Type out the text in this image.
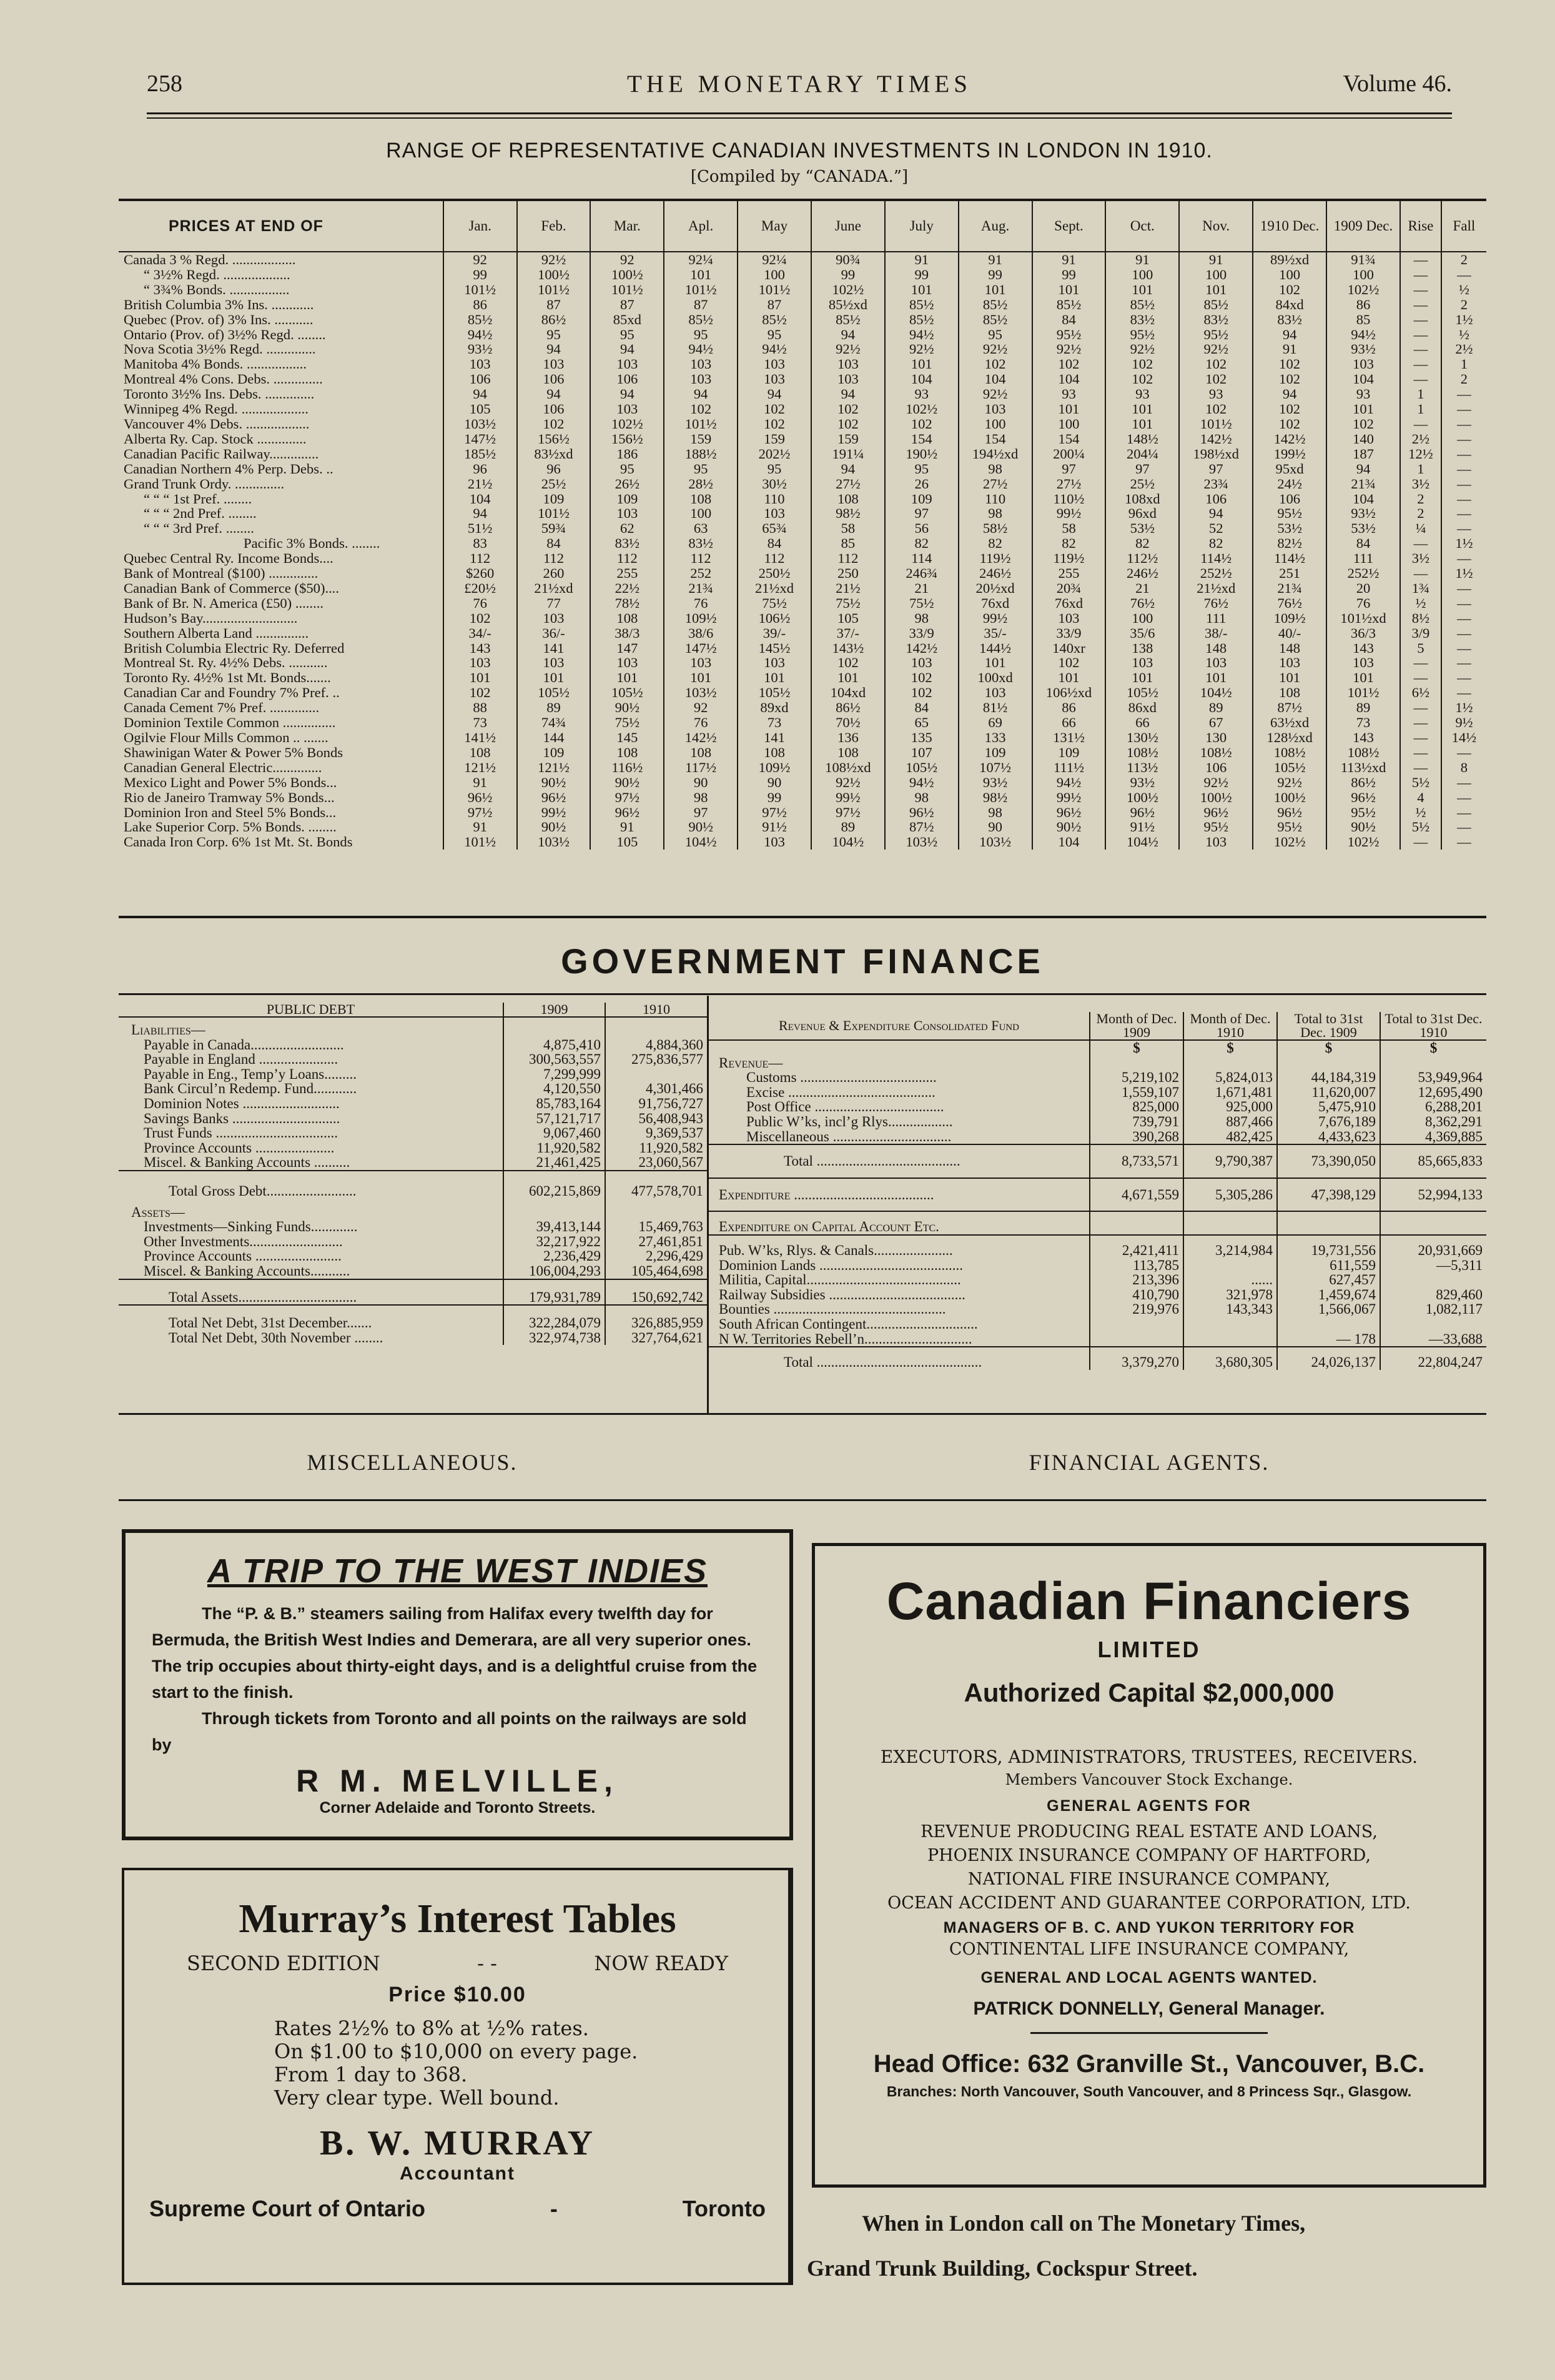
258	THE MONETARY TIMES	Volume 46.
RANGE OF REPRESENTATIVE CANADIAN INVESTMENTS IN LONDON IN 1910.
[Compiled by “CANADA.”]
PRICES AT END OF	Jan.	Feb.	Mar.	Apl.	May	June	July	Aug.	Sept.	Oct.	Nov.	1910 Dec.	1909 Dec.	Rise	Fall
Canada 3 % Regd. ..................	92	92½	92	92¼	92¼	90¾	91	91	91	91	91	89½xd	91¾	—	2
“ 3½% Regd. ...................	99	100½	100½	101	100	99	99	99	99	100	100	100	100	—	—
“ 3¾% Bonds. .................	101½	101½	101½	101½	101½	102½	101	101	101	101	101	102	102½	—	½
British Columbia 3% Ins. ............	86	87	87	87	87	85½xd	85½	85½	85½	85½	85½	84xd	86	—	2
Quebec (Prov. of) 3% Ins. ...........	85½	86½	85xd	85½	85½	85½	85½	85½	84	83½	83½	83½	85	—	1½
Ontario (Prov. of) 3½% Regd. ........	94½	95	95	95	95	94	94½	95	95½	95½	95½	94	94½	—	½
Nova Scotia 3½% Regd. ..............	93½	94	94	94½	94½	92½	92½	92½	92½	92½	92½	91	93½	—	2½
Manitoba 4% Bonds. .................	103	103	103	103	103	103	101	102	102	102	102	102	103	—	1
Montreal 4% Cons. Debs. ..............	106	106	106	103	103	103	104	104	104	102	102	102	104	—	2
Toronto 3½% Ins. Debs. ..............	94	94	94	94	94	94	93	92½	93	93	93	94	93	1	—
Winnipeg 4% Regd. ...................	105	106	103	102	102	102	102½	103	101	101	102	102	101	1	—
Vancouver 4% Debs. ..................	103½	102	102½	101½	102	102	102	100	100	101	101½	102	102	—	—
Alberta Ry. Cap. Stock ..............	147½	156½	156½	159	159	159	154	154	154	148½	142½	142½	140	2½	—
Canadian Pacific Railway..............	185½	83½xd	186	188½	202½	191¼	190½	194½xd	200¼	204¼	198½xd	199½	187	12½	—
Canadian Northern 4% Perp. Debs. ..	96	96	95	95	95	94	95	98	97	97	97	95xd	94	1	—
Grand Trunk Ordy. ..............	21½	25½	26½	28½	30½	27½	26	27½	27½	25½	23¾	24½	21¾	3½	—
“ “ “ 1st Pref. ........	104	109	109	108	110	108	109	110	110½	108xd	106	106	104	2	—
“ “ “ 2nd Pref. ........	94	101½	103	100	103	98½	97	98	99½	96xd	94	95½	93½	2	—
“ “ “ 3rd Pref. ........	51½	59¾	62	63	65¾	58	56	58½	58	53½	52	53½	53½	¼	—
Pacific 3% Bonds. ........	83	84	83½	83½	84	85	82	82	82	82	82	82½	84	—	1½
Quebec Central Ry. Income Bonds....	112	112	112	112	112	112	114	119½	119½	112½	114½	114½	111	3½	—
Bank of Montreal ($100) ..............	$260	260	255	252	250½	250	246¾	246½	255	246½	252½	251	252½	—	1½
Canadian Bank of Commerce ($50)....	£20½	21½xd	22½	21¾	21½xd	21½	21	20½xd	20¾	21	21½xd	21¾	20	1¾	—
Bank of Br. N. America (£50) ........	76	77	78½	76	75½	75½	75½	76xd	76xd	76½	76½	76½	76	½	—
Hudson’s Bay...........................	102	103	108	109½	106½	105	98	99½	103	100	111	109½	101½xd	8½	—
Southern Alberta Land ...............	34/-	36/-	38/3	38/6	39/-	37/-	33/9	35/-	33/9	35/6	38/-	40/-	36/3	3/9	—
British Columbia Electric Ry. Deferred	143	141	147	147½	145½	143½	142½	144½	140xr	138	148	148	143	5	—
Montreal St. Ry. 4½% Debs. ...........	103	103	103	103	103	102	103	101	102	103	103	103	103	—	—
Toronto Ry. 4½% 1st Mt. Bonds.......	101	101	101	101	101	101	102	100xd	101	101	101	101	101	—	—
Canadian Car and Foundry 7% Pref. ..	102	105½	105½	103½	105½	104xd	102	103	106½xd	105½	104½	108	101½	6½	—
Canada Cement 7% Pref. ..............	88	89	90½	92	89xd	86½	84	81½	86	86xd	89	87½	89	—	1½
Dominion Textile Common ...............	73	74¾	75½	76	73	70½	65	69	66	66	67	63½xd	73	—	9½
Ogilvie Flour Mills Common .. .......	141½	144	145	142½	141	136	135	133	131½	130½	130	128½xd	143	—	14½
Shawinigan Water & Power 5% Bonds	108	109	108	108	108	108	107	109	109	108½	108½	108½	108½	—	—
Canadian General Electric..............	121½	121½	116½	117½	109½	108½xd	105½	107½	111½	113½	106	105½	113½xd	—	8
Mexico Light and Power 5% Bonds...	91	90½	90½	90	90	92½	94½	93½	94½	93½	92½	92½	86½	5½	—
Rio de Janeiro Tramway 5% Bonds...	96½	96½	97½	98	99	99½	98	98½	99½	100½	100½	100½	96½	4	—
Dominion Iron and Steel 5% Bonds...	97½	99½	96½	97	97½	97½	96½	98	96½	96½	96½	96½	95½	½	—
Lake Superior Corp. 5% Bonds. ........	91	90½	91	90½	91½	89	87½	90	90½	91½	95½	95½	90½	5½	—
Canada Iron Corp. 6% 1st Mt. St. Bonds	101½	103½	105	104½	103	104½	103½	103½	104	104½	103	102½	102½	—	—
GOVERNMENT FINANCE
PUBLIC DEBT	1909	1910
Liabilities—		
Payable in Canada..........................	4,875,410	4,884,360
Payable in England ......................	300,563,557	275,836,577
Payable in Eng., Temp’y Loans.........	7,299,999	
Bank Circul’n Redemp. Fund............	4,120,550	4,301,466
Dominion Notes ...........................	85,783,164	91,756,727
Savings Banks ..............................	57,121,717	56,408,943
Trust Funds ..................................	9,067,460	9,369,537
Province Accounts ......................	11,920,582	11,920,582
Miscel. & Banking Accounts ..........	21,461,425	23,060,567
Total Gross Debt.........................	602,215,869	477,578,701
Assets—		
Investments—Sinking Funds.............	39,413,144	15,469,763
Other Investments..........................	32,217,922	27,461,851
Province Accounts ........................	2,236,429	2,296,429
Miscel. & Banking Accounts...........	106,004,293	105,464,698
Total Assets.................................	179,931,789	150,692,742
Total Net Debt, 31st December.......	322,284,079	326,885,959
Total Net Debt, 30th November ........	322,974,738	327,764,621
Revenue & Expenditure Consolidated Fund	Month of Dec. 1909	Month of Dec. 1910	Total to 31st Dec. 1909	Total to 31st Dec. 1910
	$	$	$	$
Revenue—				
Customs ......................................	5,219,102	5,824,013	44,184,319	53,949,964
Excise .........................................	1,559,107	1,671,481	11,620,007	12,695,490
Post Office ....................................	825,000	925,000	5,475,910	6,288,201
Public W’ks, incl’g Rlys..................	739,791	887,466	7,676,189	8,362,291
Miscellaneous .................................	390,268	482,425	4,433,623	4,369,885
Total ........................................	8,733,571	9,790,387	73,390,050	85,665,833
Expenditure .......................................	4,671,559	5,305,286	47,398,129	52,994,133
Expenditure on Capital Account Etc.				
Pub. W’ks, Rlys. & Canals......................	2,421,411	3,214,984	19,731,556	20,931,669
Dominion Lands ........................................	113,785		611,559	—5,311
Militia, Capital...........................................	213,396	......	627,457	
Railway Subsidies ......................................	410,790	321,978	1,459,674	829,460
Bounties ................................................	219,976	143,343	1,566,067	1,082,117
South African Contingent...............................				
N W. Territories Rebell’n..............................			— 178	—33,688
Total ..............................................	3,379,270	3,680,305	24,026,137	22,804,247
MISCELLANEOUS.	FINANCIAL AGENTS.
A TRIP TO THE WEST INDIES
The “P. & B.” steamers sailing from Halifax every twelfth day for Bermuda, the British West Indies and Demerara, are all very superior ones. The trip occupies about thirty-eight days, and is a delightful cruise from the start to the finish.
Through tickets from Toronto and all points on the railways are sold by
R M. MELVILLE,
Corner Adelaide and Toronto Streets.
Murray’s Interest Tables
SECOND EDITION	- -	NOW READY
Price $10.00
Rates 2½% to 8% at ½% rates.
On $1.00 to $10,000 on every page.
From 1 day to 368.
Very clear type. Well bound.
B. W. MURRAY
Accountant
Supreme Court of Ontario	-	Toronto
Canadian Financiers
LIMITED
Authorized Capital $2,000,000
EXECUTORS, ADMINISTRATORS, TRUSTEES, RECEIVERS.
Members Vancouver Stock Exchange.
GENERAL AGENTS FOR
REVENUE PRODUCING REAL ESTATE AND LOANS,
PHOENIX INSURANCE COMPANY OF HARTFORD,
NATIONAL FIRE INSURANCE COMPANY,
OCEAN ACCIDENT AND GUARANTEE CORPORATION, LTD.
MANAGERS OF B. C. AND YUKON TERRITORY FOR
CONTINENTAL LIFE INSURANCE COMPANY,
GENERAL AND LOCAL AGENTS WANTED.
PATRICK DONNELLY, General Manager.
Head Office: 632 Granville St., Vancouver, B.C.
Branches: North Vancouver, South Vancouver, and 8 Princess Sqr., Glasgow.
When in London call on The Monetary Times,
Grand Trunk Building, Cockspur Street.
